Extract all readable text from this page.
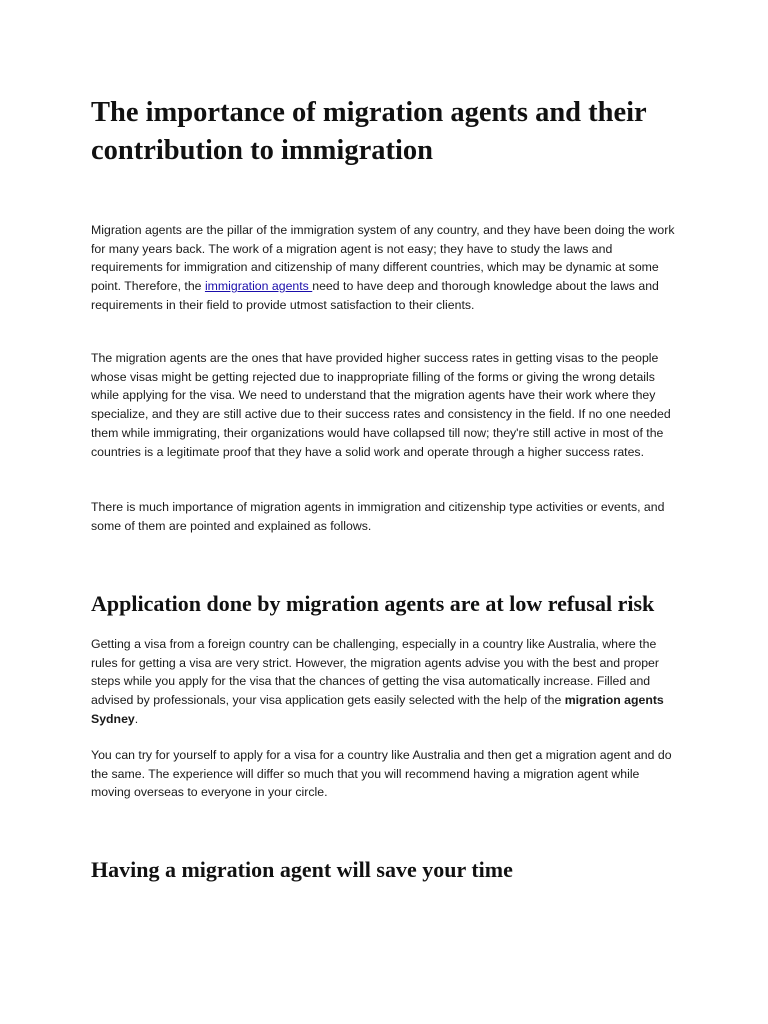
The importance of migration agents and their contribution to immigration

Migration agents are the pillar of the immigration system of any country, and they have been doing the work for many years back. The work of a migration agent is not easy; they have to study the laws and requirements for immigration and citizenship of many different countries, which may be dynamic at some point. Therefore, the immigration agents need to have deep and thorough knowledge about the laws and requirements in their field to provide utmost satisfaction to their clients.

The migration agents are the ones that have provided higher success rates in getting visas to the people whose visas might be getting rejected due to inappropriate filling of the forms or giving the wrong details while applying for the visa. We need to understand that the migration agents have their work where they specialize, and they are still active due to their success rates and consistency in the field. If no one needed them while immigrating, their organizations would have collapsed till now; they're still active in most of the countries is a legitimate proof that they have a solid work and operate through a higher success rates.

There is much importance of migration agents in immigration and citizenship type activities or events, and some of them are pointed and explained as follows.

Application done by migration agents are at low refusal risk

Getting a visa from a foreign country can be challenging, especially in a country like Australia, where the rules for getting a visa are very strict. However, the migration agents advise you with the best and proper steps while you apply for the visa that the chances of getting the visa automatically increase. Filled and advised by professionals, your visa application gets easily selected with the help of the migration agents Sydney.

You can try for yourself to apply for a visa for a country like Australia and then get a migration agent and do the same. The experience will differ so much that you will recommend having a migration agent while moving overseas to everyone in your circle.

Having a migration agent will save your time
